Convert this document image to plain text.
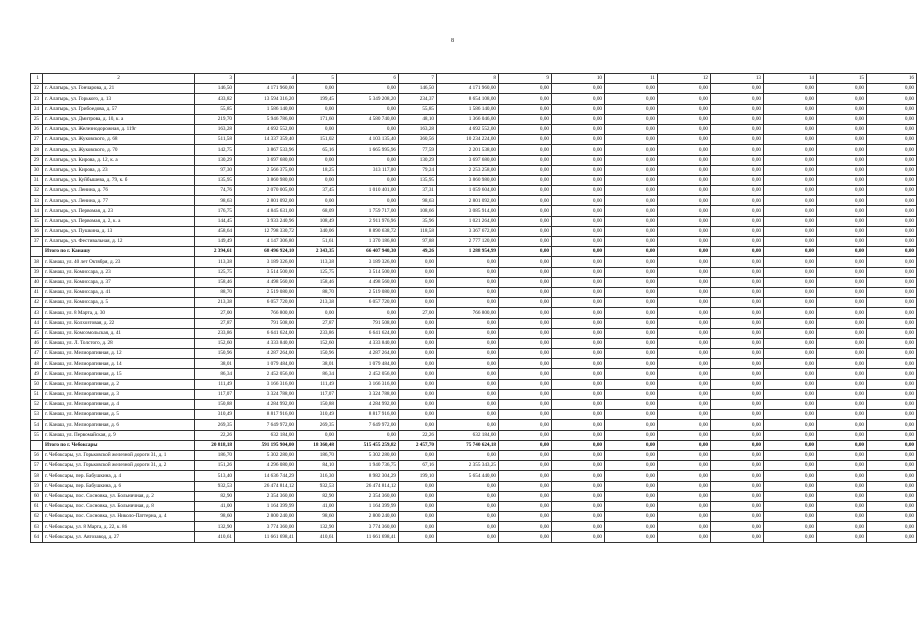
8
1	2	3	4	5	6	7	8	9	10	11	12	13	14	15	16
22	г. Алатырь, ул. Гончарова, д. 21	146,50	4 171 960,00	0,00	0,00	146,50	4 171 960,00	0,00	0,00	0,00	0,00	0,00	0,00	0,00	0,00
23	г. Алатырь, ул. Горького, д. 13	433,82	13 594 316,20	199,45	5 349 208,20	234,37	8 654 108,00	0,00	0,00	0,00	0,00	0,00	0,00	0,00	0,00
24	г. Алатырь, ул. Грибоедова, д. 57	55,85	1 586 140,00	0,00	0,00	55,85	1 586 140,00	0,00	0,00	0,00	0,00	0,00	0,00	0,00	0,00
25	г. Алатырь, ул. Дмитрова, д. 10, к. а	219,70	5 946 786,00	171,60	4 580 740,00	48,10	1 366 046,00	0,00	0,00	0,00	0,00	0,00	0,00	0,00	0,00
26	г. Алатырь, ул. Железнодорожная, д. 119г	163,28	4 692 552,00	0,00	0,00	163,28	4 692 552,00	0,00	0,00	0,00	0,00	0,00	0,00	0,00	0,00
27	г. Алатырь, ул. Жуковского, д. 68	511,58	14 337 359,40	151,02	4 103 135,40	360,56	10 234 224,00	0,00	0,00	0,00	0,00	0,00	0,00	0,00	0,00
28	г. Алатырь, ул. Жуковского, д. 70	142,75	3 867 533,96	65,16	1 665 995,96	77,59	2 201 538,00	0,00	0,00	0,00	0,00	0,00	0,00	0,00	0,00
29	г. Алатырь, ул. Кирова, д. 12, к. а	130,29	3 697 680,00	0,00	0,00	130,29	3 697 680,00	0,00	0,00	0,00	0,00	0,00	0,00	0,00	0,00
30	г. Алатырь, ул. Кирова, д. 23	97,30	2 566 375,00	18,25	313 117,00	79,24	2 253 258,00	0,00	0,00	0,00	0,00	0,00	0,00	0,00	0,00
31	г. Алатырь, ул. Куйбышева, д. 79, к. б	135,95	3 860 980,00	0,00	0,00	135,95	3 860 980,00	0,00	0,00	0,00	0,00	0,00	0,00	0,00	0,00
32	г. Алатырь, ул. Ленина, д. 76	74,76	2 070 005,00	37,45	1 010 401,00	37,31	1 059 604,00	0,00	0,00	0,00	0,00	0,00	0,00	0,00	0,00
33	г. Алатырь, ул. Ленина, д. 77	98,63	2 801 092,00	0,00	0,00	98,63	2 801 092,00	0,00	0,00	0,00	0,00	0,00	0,00	0,00	0,00
34	г. Алатырь, ул. Первомая, д. 23	176,75	4 845 631,00	68,09	1 759 717,00	108,66	3 085 914,00	0,00	0,00	0,00	0,00	0,00	0,00	0,00	0,00
35	г. Алатырь, ул. Первомая, д. 2, к. а	144,45	3 933 240,96	108,49	2 911 976,96	35,96	1 021 264,00	0,00	0,00	0,00	0,00	0,00	0,00	0,00	0,00
36	г. Алатырь, ул. Пушкина, д. 13	458,64	12 798 330,72	340,06	8 890 638,72	118,58	3 367 672,00	0,00	0,00	0,00	0,00	0,00	0,00	0,00	0,00
37	г. Алатырь, ул. Фестивальная, д. 12	149,49	4 147 306,80	51,61	1 370 186,80	97,88	2 777 120,00	0,00	0,00	0,00	0,00	0,00	0,00	0,00	0,00
	Итого по г. Канашу	2 394,61	68 496 924,10	2 343,35	66 407 940,30	49,26	1 288 954,99	0,00	0,00	0,00	0,00	0,00	0,00	0,00	0,00
38	г. Канаш, ул. 40 лет Октября, д. 23	113,38	3 189 326,00	113,38	3 189 326,00	0,00	0,00	0,00	0,00	0,00	0,00	0,00	0,00	0,00	0,00
39	г. Канаш, ул. Комиссара, д. 23	125,75	3 514 500,00	125,75	3 514 500,00	0,00	0,00	0,00	0,00	0,00	0,00	0,00	0,00	0,00	0,00
40	г. Канаш, ул. Комиссара, д. 37	158,46	4 498 560,00	158,46	4 498 560,00	0,00	0,00	0,00	0,00	0,00	0,00	0,00	0,00	0,00	0,00
41	г. Канаш, ул. Комиссара, д. 41	88,70	2 519 080,00	88,70	2 519 080,00	0,00	0,00	0,00	0,00	0,00	0,00	0,00	0,00	0,00	0,00
42	г. Канаш, ул. Комиссара, д. 5	213,38	6 057 720,00	213,38	6 057 720,00	0,00	0,00	0,00	0,00	0,00	0,00	0,00	0,00	0,00	0,00
43	г. Канаш, ул. 8 Марта, д. 30	27,00	766 800,00	0,00	0,00	27,00	766 800,00	0,00	0,00	0,00	0,00	0,00	0,00	0,00	0,00
44	г. Канаш, ул. Колхозтовая, д. 22	27,87	791 508,00	27,87	791 508,00	0,00	0,00	0,00	0,00	0,00	0,00	0,00	0,00	0,00	0,00
45	г. Канаш, ул. Комсомольская, д. 41	233,86	6 641 624,00	233,86	6 641 624,00	0,00	0,00	0,00	0,00	0,00	0,00	0,00	0,00	0,00	0,00
46	г. Канаш, ул. Л. Толстого, д. 28	152,60	4 333 840,00	152,60	4 333 840,00	0,00	0,00	0,00	0,00	0,00	0,00	0,00	0,00	0,00	0,00
47	г. Канаш, ул. Мелиоративная, д. 12	150,96	4 287 264,00	150,96	4 287 264,00	0,00	0,00	0,00	0,00	0,00	0,00	0,00	0,00	0,00	0,00
48	г. Канаш, ул. Мелиоративная, д. 14	38,01	1 079 484,00	38,01	1 079 484,00	0,00	0,00	0,00	0,00	0,00	0,00	0,00	0,00	0,00	0,00
49	г. Канаш, ул. Мелиоративная, д. 15	86,34	2 452 056,00	86,34	2 452 056,00	0,00	0,00	0,00	0,00	0,00	0,00	0,00	0,00	0,00	0,00
50	г. Канаш, ул. Мелиоративная, д. 2	111,49	3 166 316,00	111,49	3 166 316,00	0,00	0,00	0,00	0,00	0,00	0,00	0,00	0,00	0,00	0,00
51	г. Канаш, ул. Мелиоративная, д. 3	117,07	3 324 788,00	117,07	3 324 788,00	0,00	0,00	0,00	0,00	0,00	0,00	0,00	0,00	0,00	0,00
52	г. Канаш, ул. Мелиоративная, д. 4	150,88	4 284 992,00	150,88	4 284 992,00	0,00	0,00	0,00	0,00	0,00	0,00	0,00	0,00	0,00	0,00
53	г. Канаш, ул. Мелиоративная, д. 5	310,49	8 817 916,00	310,49	8 817 916,00	0,00	0,00	0,00	0,00	0,00	0,00	0,00	0,00	0,00	0,00
54	г. Канаш, ул. Мелиоративная, д. 6	269,35	7 649 972,00	269,35	7 649 972,00	0,00	0,00	0,00	0,00	0,00	0,00	0,00	0,00	0,00	0,00
55	г. Канаш, ул. Первомайская, д. 9	22,26	632 184,00	0,00	0,00	22,26	632 184,00	0,00	0,00	0,00	0,00	0,00	0,00	0,00	0,00
	Итого по г. Чебоксары	20 818,18	591 195 904,00	18 360,48	515 455 259,82	2 457,70	75 740 624,18	0,00	0,00	0,00	0,00	0,00	0,00	0,00	0,00
56	г. Чебоксары, ул. Горьковской железной дороги 31, д. 1	186,70	5 302 280,00	186,70	5 302 280,00	0,00	0,00	0,00	0,00	0,00	0,00	0,00	0,00	0,00	0,00
57	г. Чебоксары, ул. Горьковской железной дороги 31, д. 2	151,26	4 296 080,00	84,10	1 940 736,75	67,16	2 355 343,25	0,00	0,00	0,00	0,00	0,00	0,00	0,00	0,00
58	г. Чебоксары, пер. Бабушкина, д. 4	513,40	14 636 744,29	316,30	8 982 304,29	199,10	5 654 440,00	0,00	0,00	0,00	0,00	0,00	0,00	0,00	0,00
59	г. Чебоксары, пер. Бабушкина, д. 6	932,53	26 474 814,12	932,53	26 474 814,12	0,00	0,00	0,00	0,00	0,00	0,00	0,00	0,00	0,00	0,00
60	г. Чебоксары, пос. Сосновка, ул. Больничная, д. 2	82,90	2 354 360,00	82,90	2 354 360,00	0,00	0,00	0,00	0,00	0,00	0,00	0,00	0,00	0,00	0,00
61	г. Чебоксары, пос. Сосновка, ул. Больничная, д. 8	41,00	1 164 399,99	41,00	1 164 399,99	0,00	0,00	0,00	0,00	0,00	0,00	0,00	0,00	0,00	0,00
62	г. Чебоксары, пос. Сосновка, ул. Николо-Паттерна, д. 4	98,60	2 800 240,00	98,60	2 800 240,00	0,00	0,00	0,00	0,00	0,00	0,00	0,00	0,00	0,00	0,00
63	г. Чебоксары, ул. 8 Марта, д. 22, к. 86	132,90	3 774 360,00	132,90	3 774 360,00	0,00	0,00	0,00	0,00	0,00	0,00	0,00	0,00	0,00	0,00
64	г. Чебоксары, ул. Автозавод, д. 27	410,61	11 661 698,41	410,61	11 661 698,41	0,00	0,00	0,00	0,00	0,00	0,00	0,00	0,00	0,00	0,00
